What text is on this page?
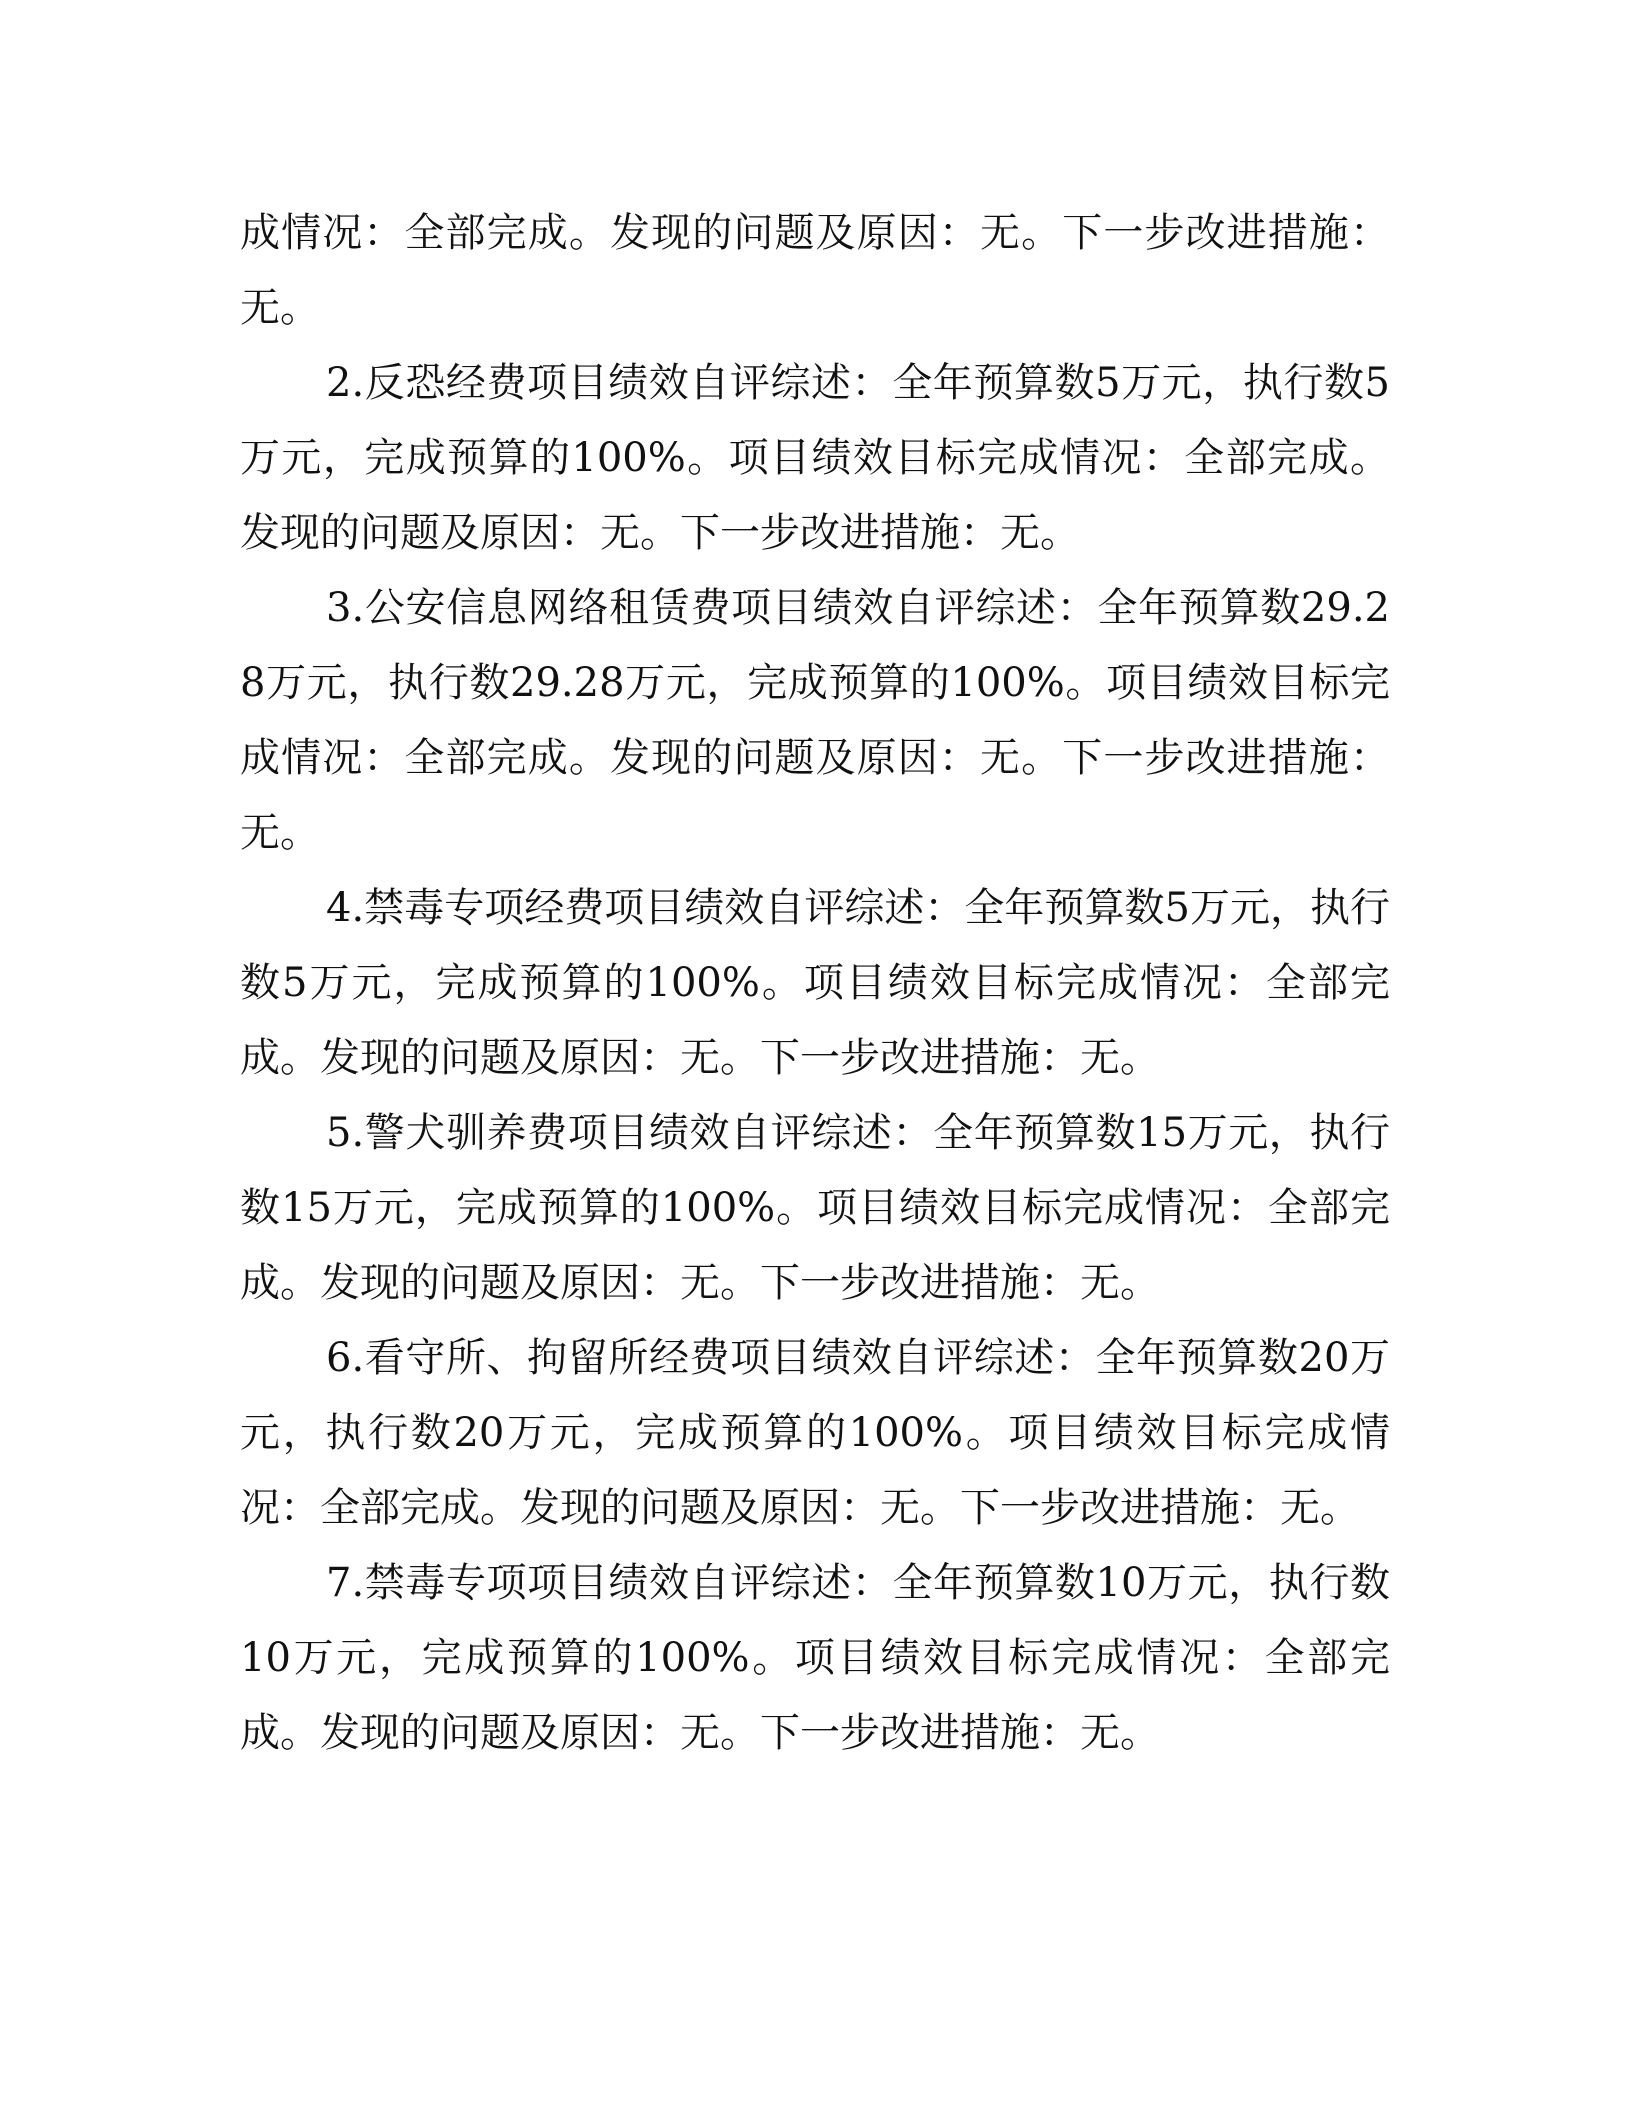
成情况：全部完成。发现的问题及原因：无。下一步改进措施：无。

2.反恐经费项目绩效自评综述：全年预算数5万元，执行数5万元，完成预算的100%。项目绩效目标完成情况：全部完成。发现的问题及原因：无。下一步改进措施：无。

3.公安信息网络租赁费项目绩效自评综述：全年预算数29.28万元，执行数29.28万元，完成预算的100%。项目绩效目标完成情况：全部完成。发现的问题及原因：无。下一步改进措施：无。

4.禁毒专项经费项目绩效自评综述：全年预算数5万元，执行数5万元，完成预算的100%。项目绩效目标完成情况：全部完成。发现的问题及原因：无。下一步改进措施：无。

5.警犬驯养费项目绩效自评综述：全年预算数15万元，执行数15万元，完成预算的100%。项目绩效目标完成情况：全部完成。发现的问题及原因：无。下一步改进措施：无。

6.看守所、拘留所经费项目绩效自评综述：全年预算数20万元，执行数20万元，完成预算的100%。项目绩效目标完成情况：全部完成。发现的问题及原因：无。下一步改进措施：无。

7.禁毒专项项目绩效自评综述：全年预算数10万元，执行数10万元，完成预算的100%。项目绩效目标完成情况：全部完成。发现的问题及原因：无。下一步改进措施：无。
